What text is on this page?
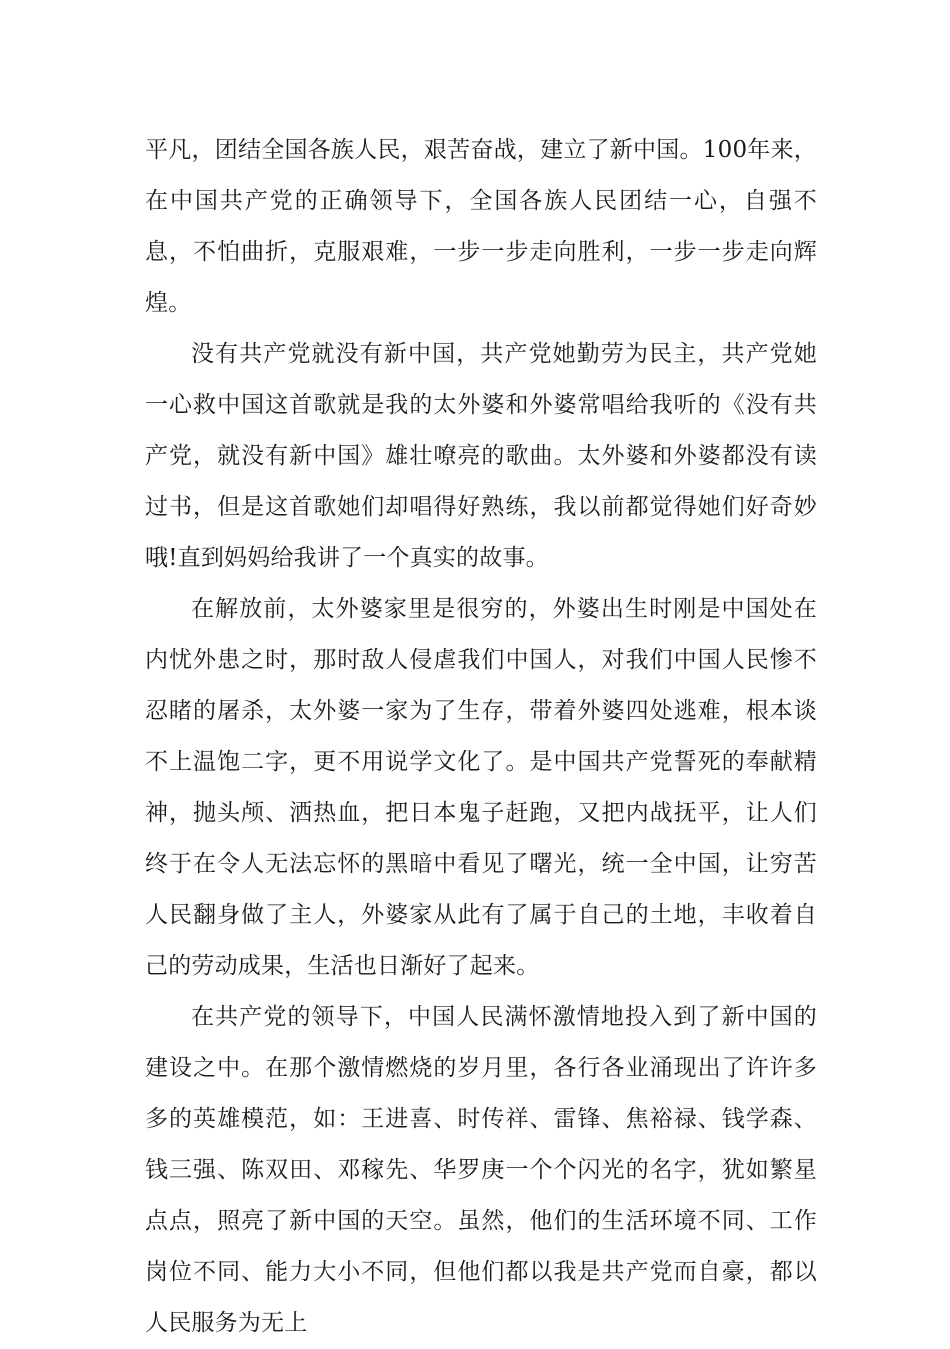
平凡，团结全国各族人民，艰苦奋战，建立了新中国。100年来，在中国共产党的正确领导下，全国各族人民团结一心，自强不息，不怕曲折，克服艰难，一步一步走向胜利，一步一步走向辉煌。

没有共产党就没有新中国，共产党她勤劳为民主，共产党她一心救中国这首歌就是我的太外婆和外婆常唱给我听的《没有共产党，就没有新中国》雄壮嘹亮的歌曲。太外婆和外婆都没有读过书，但是这首歌她们却唱得好熟练，我以前都觉得她们好奇妙哦!直到妈妈给我讲了一个真实的故事。

在解放前，太外婆家里是很穷的，外婆出生时刚是中国处在内忧外患之时，那时敌人侵虐我们中国人，对我们中国人民惨不忍睹的屠杀，太外婆一家为了生存，带着外婆四处逃难，根本谈不上温饱二字，更不用说学文化了。是中国共产党誓死的奉献精神，抛头颅、洒热血，把日本鬼子赶跑，又把内战抚平，让人们终于在令人无法忘怀的黑暗中看见了曙光，统一全中国，让穷苦人民翻身做了主人，外婆家从此有了属于自己的土地，丰收着自己的劳动成果，生活也日渐好了起来。

在共产党的领导下，中国人民满怀激情地投入到了新中国的建设之中。在那个激情燃烧的岁月里，各行各业涌现出了许许多多的英雄模范，如：王进喜、时传祥、雷锋、焦裕禄、钱学森、钱三强、陈双田、邓稼先、华罗庚一个个闪光的名字，犹如繁星点点，照亮了新中国的天空。虽然，他们的生活环境不同、工作岗位不同、能力大小不同，但他们都以我是共产党而自豪，都以人民服务为无上
